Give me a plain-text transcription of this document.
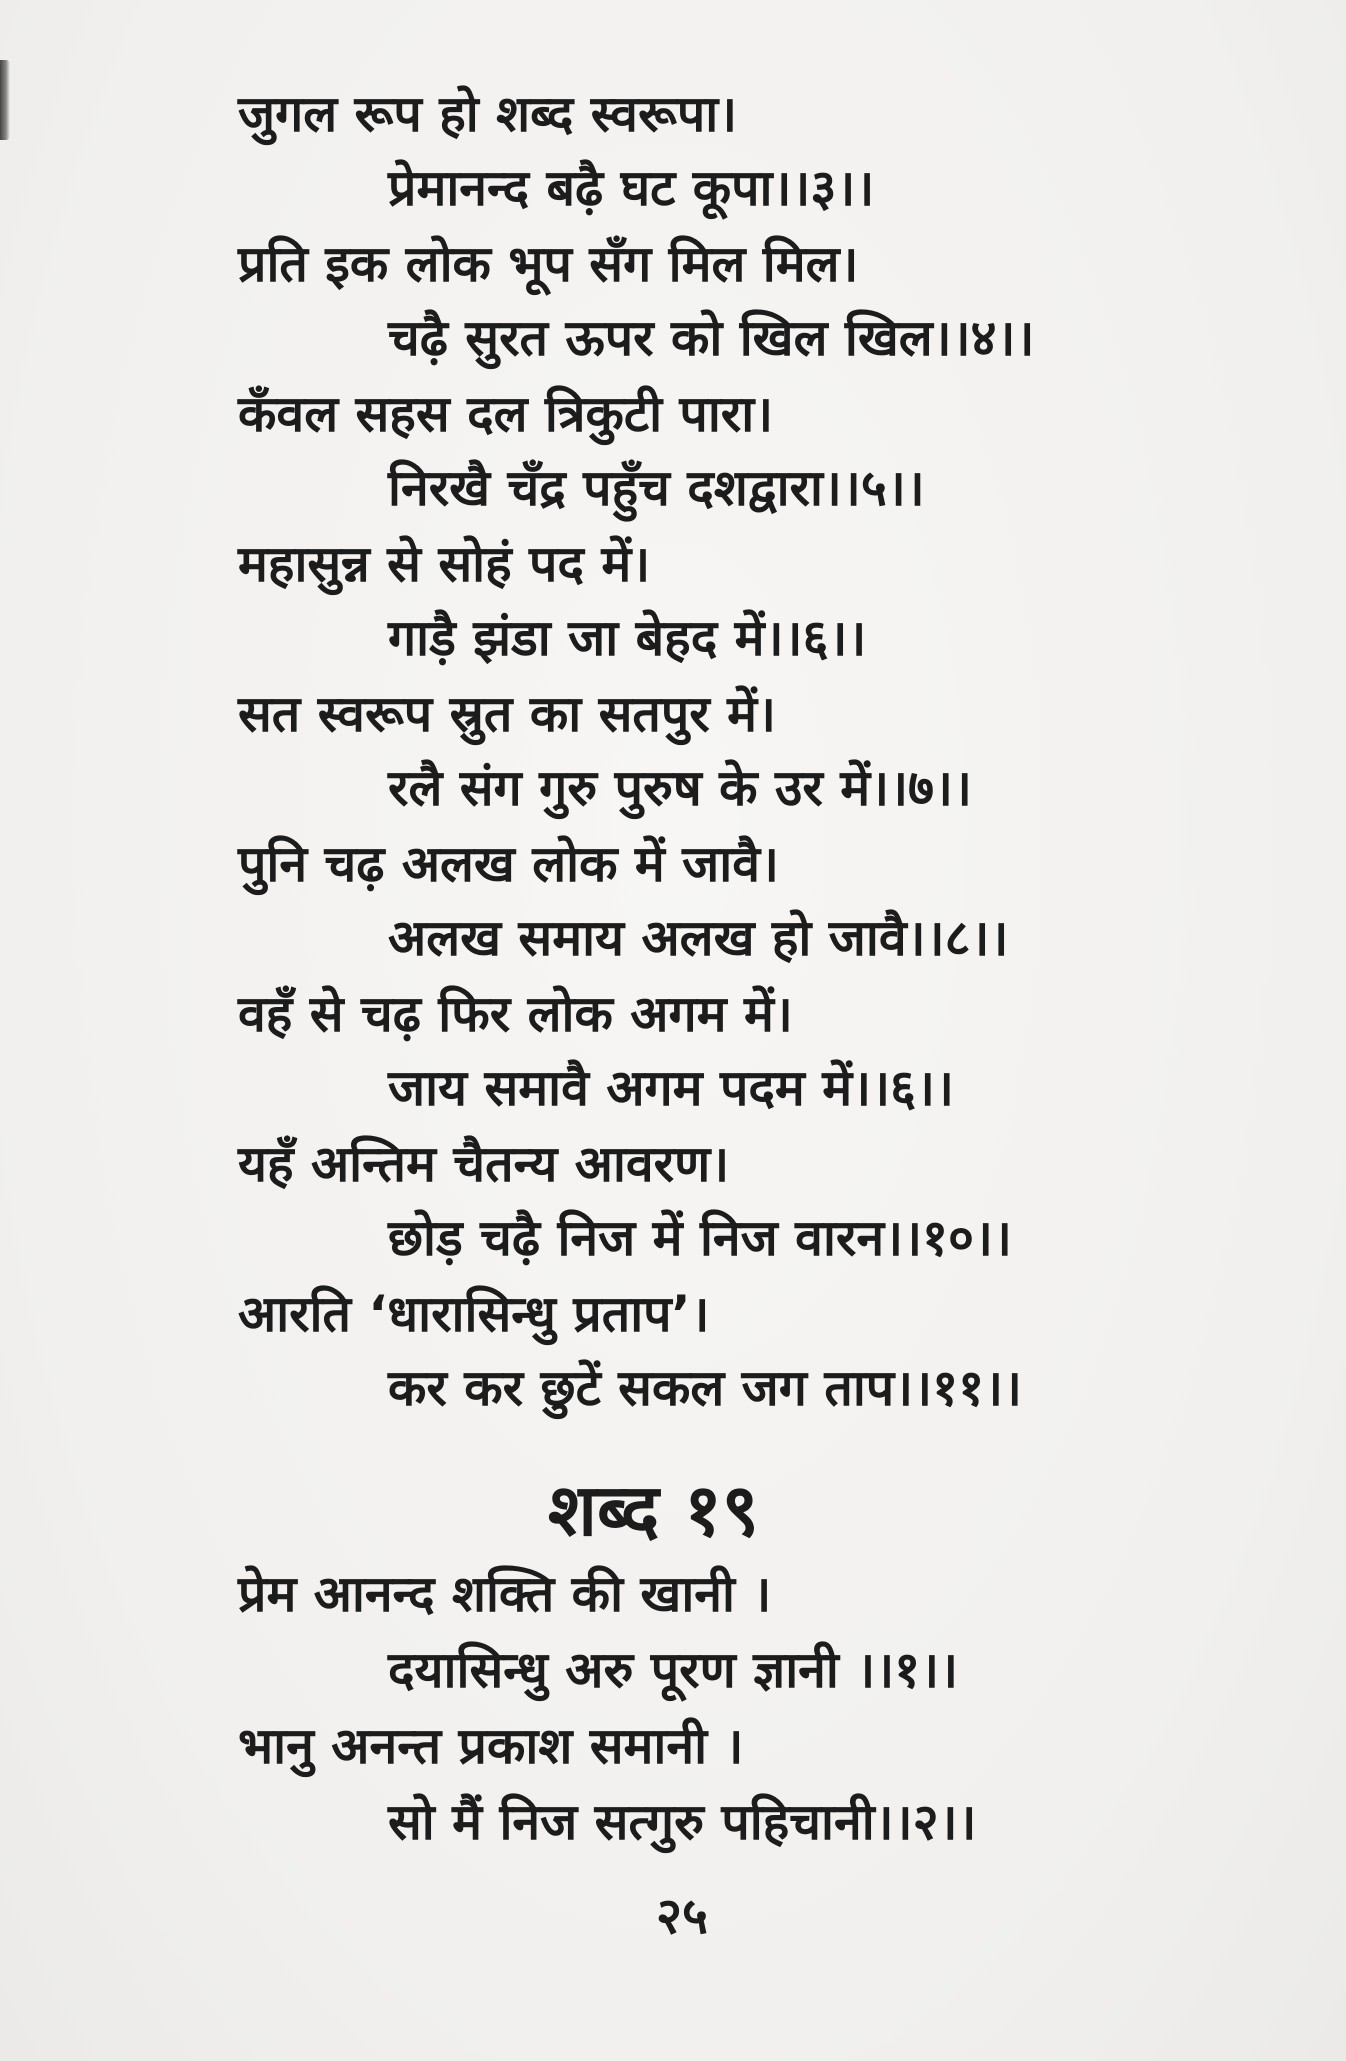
जुगल रूप हो शब्द स्वरूपा।
प्रेमानन्द बढ़ै घट कूपा।।३।।
प्रति इक लोक भूप सँग मिल मिल।
चढ़ै सुरत ऊपर को खिल खिल।।४।।
कँवल सहस दल त्रिकुटी पारा।
निरखै चँद्र पहुँच दशद्वारा।।५।।
महासुन्न से सोहं पद में।
गाड़ै झंडा जा बेहद में।।६।।
सत स्वरूप स्रुत का सतपुर में।
रलै संग गुरु पुरुष के उर में।।७।।
पुनि चढ़ अलख लोक में जावै।
अलख समाय अलख हो जावै।।८।।
वहँ से चढ़ फिर लोक अगम में।
जाय समावै अगम पदम में।।६।।
यहँ अन्तिम चैतन्य आवरण।
छोड़ चढ़ै निज में निज वारन।।१०।।
आरति ‘धारासिन्धु प्रताप’।
कर कर छुटें सकल जग ताप।।११।।
शब्द १९
प्रेम आनन्द शक्ति की खानी ।
दयासिन्धु अरु पूरण ज्ञानी ।।१।।
भानु अनन्त प्रकाश समानी ।
सो मैं निज सत्गुरु पहिचानी।।२।।
२५
